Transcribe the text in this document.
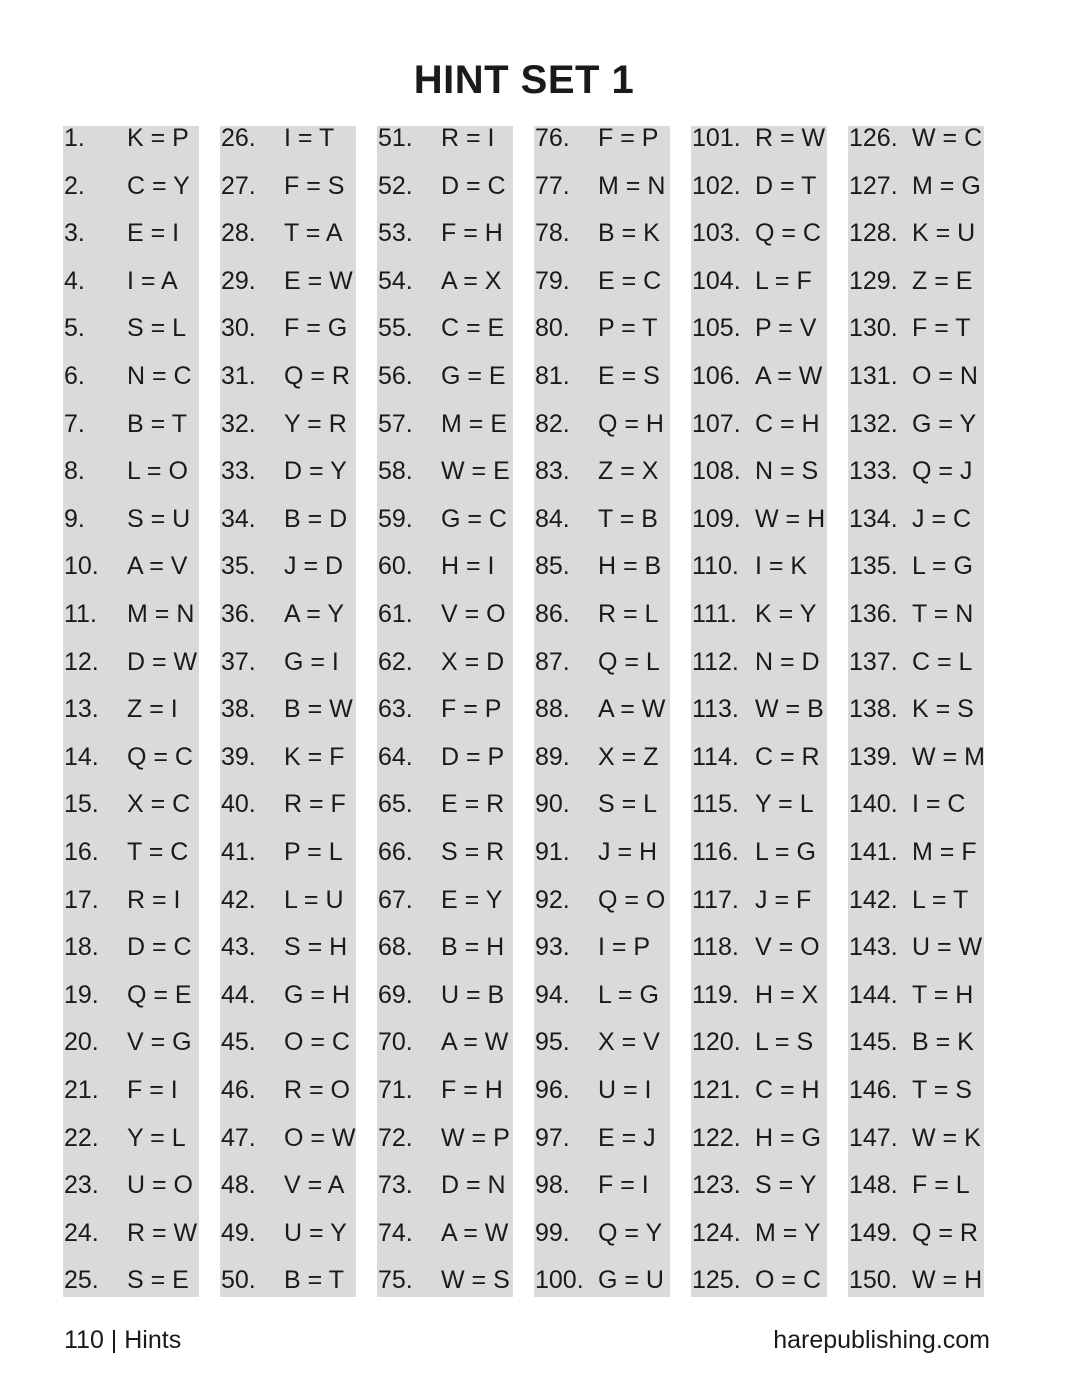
HINT SET 1
1. K = P
2. C = Y
3. E = I
4. I = A
5. S = L
6. N = C
7. B = T
8. L = O
9. S = U
10. A = V
11. M = N
12. D = W
13. Z = I
14. Q = C
15. X = C
16. T = C
17. R = I
18. D = C
19. Q = E
20. V = G
21. F = I
22. Y = L
23. U = O
24. R = W
25. S = E
26. I = T
27. F = S
28. T = A
29. E = W
30. F = G
31. Q = R
32. Y = R
33. D = Y
34. B = D
35. J = D
36. A = Y
37. G = I
38. B = W
39. K = F
40. R = F
41. P = L
42. L = U
43. S = H
44. G = H
45. O = C
46. R = O
47. O = W
48. V = A
49. U = Y
50. B = T
51. R = I
52. D = C
53. F = H
54. A = X
55. C = E
56. G = E
57. M = E
58. W = E
59. G = C
60. H = I
61. V = O
62. X = D
63. F = P
64. D = P
65. E = R
66. S = R
67. E = Y
68. B = H
69. U = B
70. A = W
71. F = H
72. W = P
73. D = N
74. A = W
75. W = S
76. F = P
77. M = N
78. B = K
79. E = C
80. P = T
81. E = S
82. Q = H
83. Z = X
84. T = B
85. H = B
86. R = L
87. Q = L
88. A = W
89. X = Z
90. S = L
91. J = H
92. Q = O
93. I = P
94. L = G
95. X = V
96. U = I
97. E = J
98. F = I
99. Q = Y
100. G = U
101. R = W
102. D = T
103. Q = C
104. L = F
105. P = V
106. A = W
107. C = H
108. N = S
109. W = H
110. I = K
111. K = Y
112. N = D
113. W = B
114. C = R
115. Y = L
116. L = G
117. J = F
118. V = O
119. H = X
120. L = S
121. C = H
122. H = G
123. S = Y
124. M = Y
125. O = C
126. W = C
127. M = G
128. K = U
129. Z = E
130. F = T
131. O = N
132. G = Y
133. Q = J
134. J = C
135. L = G
136. T = N
137. C = L
138. K = S
139. W = M
140. I = C
141. M = F
142. L = T
143. U = W
144. T = H
145. B = K
146. T = S
147. W = K
148. F = L
149. Q = R
150. W = H
110 | Hints	harepublishing.com
